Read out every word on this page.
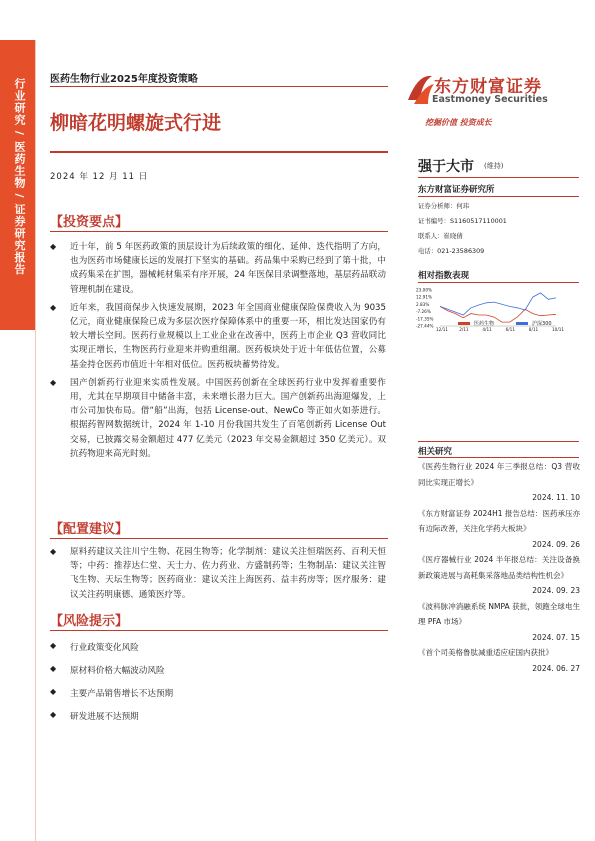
行业研究 / 医药生物 / 证券研究报告 医药生物行业2025年度投资策略
柳暗花明螺旋式行进
2024 年 12 月 11 日
【投资要点】
◆	近十年，前 5 年医药政策的顶层设计为后续政策的细化、延伸、迭代指明了方向，也为医药市场健康长远的发展打下坚实的基础。药品集中采购已经到了第十批，中成药集采在扩围，器械耗材集采有序开展，24 年医保目录调整落地，基层药品联动管理机制在建设。
◆	近年来，我国商保步入快速发展期，2023 年全国商业健康保险保费收入为 9035 亿元，商业健康保险已成为多层次医疗保障体系中的重要一环，相比发达国家仍有较大增长空间。医药行业规模以上工业企业在改善中，医药上市企业 Q3 营收同比实现正增长，生物医药行业迎来并购重组潮。医药板块处于近十年低估位置，公募基金持仓医药市值近十年相对低位。医药板块蓄势待发。
◆	国产创新药行业迎来实质性发展。中国医药创新在全球医药行业中发挥着重要作用，尤其在早期项目中储备丰富，未来增长潜力巨大。国产创新药出海迎爆发，上市公司加快布局。借“船”出海，包括 License-out、NewCo 等正如火如荼进行。根据药智网数据统计，2024 年 1-10 月份我国共发生了百笔创新药 License Out 交易，已披露交易金额超过 477 亿美元（2023 年交易金额超过 350 亿美元）。双抗药物迎来高光时刻。
【配置建议】
◆	原料药建议关注川宁生物、花园生物等；化学制剂：建议关注恒瑞医药、百利天恒等；中药：推荐达仁堂、天士力、佐力药业、方盛制药等；生物制品：建议关注智飞生物、天坛生物等；医药商业：建议关注上海医药、益丰药房等；医疗服务：建议关注药明康德、通策医疗等。
【风险提示】
◆	行业政策变化风险
◆	原材料价格大幅波动风险
◆	主要产品销售增长不达预期
◆	研发进展不达预期
东方财富证券
Eastmoney Securities
挖掘价值 投资成长
强于大市 (维持)
东方财富证券研究所
证券分析师：何玮
证书编号：S1160517110001
联系人：崔晓倩
电话：021-23586309
相对指数表现
23.00%
12.91%
2.83%
-7.26%
-17.35%
-27.44%
12/11	2/11	4/11	6/11	8/11	10/11
医药生物	沪深300
相关研究
《医药生物行业 2024 年三季报总结：Q3 营收同比实现正增长》
2024. 11. 10
《东方财富证券 2024H1 报告总结：医药承压亦有边际改善，关注化学药大板块》
2024. 09. 26
《医疗器械行业 2024 半年报总结：关注设备换新政策进展与高耗集采落地品类结构性机会》
2024. 09. 23
《波科脉冲消融系统 NMPA 获批，领跑全球电生理 PFA 市场》
2024. 07. 15
《首个司美格鲁肽减重适应症国内获批》
2024. 06. 27
